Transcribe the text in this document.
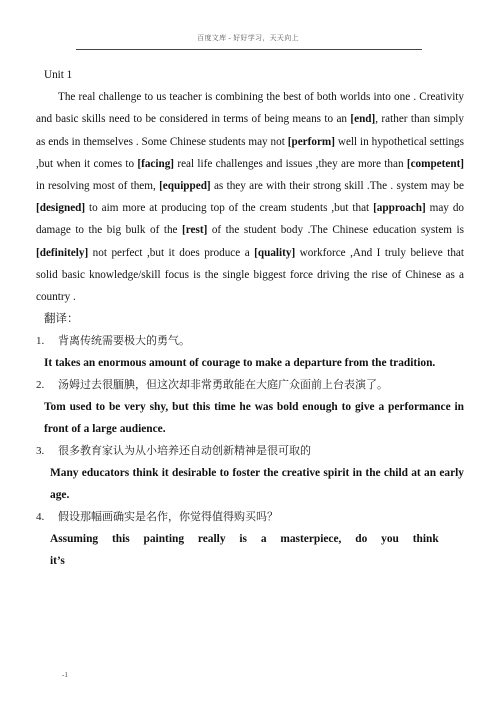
百度文库 - 好好学习，天天向上

Unit 1

The real challenge to us teacher is combining the best of both worlds into one . Creativity and basic skills need to be considered in terms of being means to an [end], rather than simply as ends in themselves . Some Chinese students may not [perform] well in hypothetical settings ,but when it comes to [facing] real life challenges and issues ,they are more than [competent] in resolving most of them, [equipped] as they are with their strong skill .The . system may be [designed] to aim more at producing top of the cream students ,but that [approach] may do damage to the big bulk of the [rest] of the student body .The Chinese education system is [definitely] not perfect ,but it does produce a [quality] workforce ,And I truly believe that solid basic knowledge/skill focus is the single biggest force driving the rise of Chinese as a country .

翻译：

1. 背离传统需要极大的勇气。

It takes an enormous amount of courage to make a departure from the tradition.

2. 汤姆过去很腼腆，但这次却非常勇敢能在大庭广众面前上台表演了。

Tom used to be very shy, but this time he was bold enough to give a performance in front of a large audience.

3. 很多教育家认为从小培养还自动创新精神是很可取的

Many educators think it desirable to foster the creative spirit in the child at an early age.

4. 假设那幅画确实是名作，你觉得值得购买吗？

Assuming this painting really is a masterpiece, do you think it’s

-1
